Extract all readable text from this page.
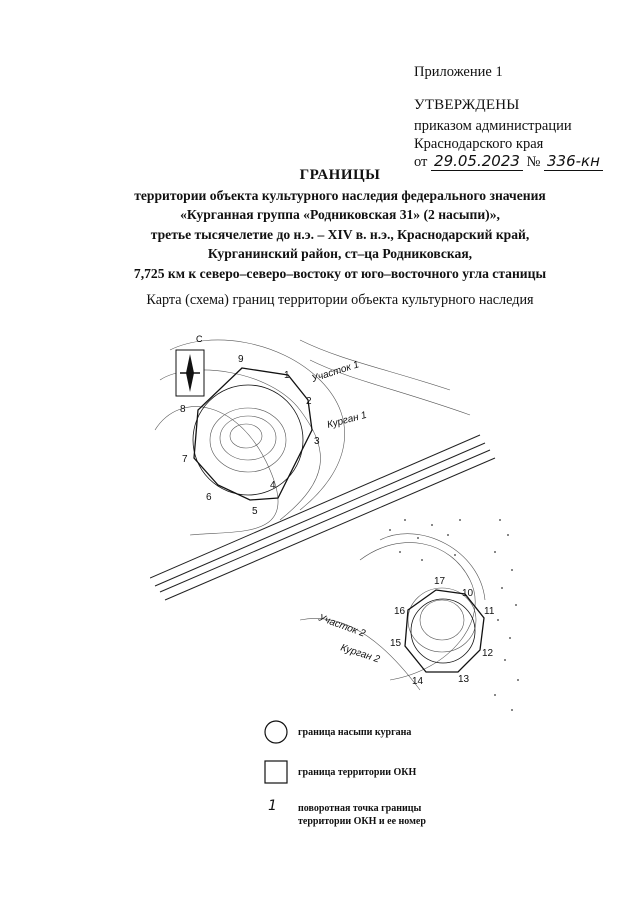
Приложение 1
УТВЕРЖДЕНЫ
приказом администрации
Краснодарского края
от 29.05.2023 № 336-кн
ГРАНИЦЫ
территории объекта культурного наследия федерального значения
«Курганная группа «Родниковская 31» (2 насыпи)»,
третье тысячелетие до н.э. – XIV в. н.э., Краснодарский край,
Курганинский район, ст–ца Родниковская,
7,725 км к северо–северо–востоку от юго–восточного угла станицы
Карта (схема) границ территории объекта культурного наследия
С
1
2
3
4
5
6
7
8
9
10
11
12
13
14
15
16
17
Участок 1
Курган 1
Участок 2
Курган 2
граница насыпи кургана
граница территории ОКН
1 поворотная точка границы
территории ОКН и ее номер
